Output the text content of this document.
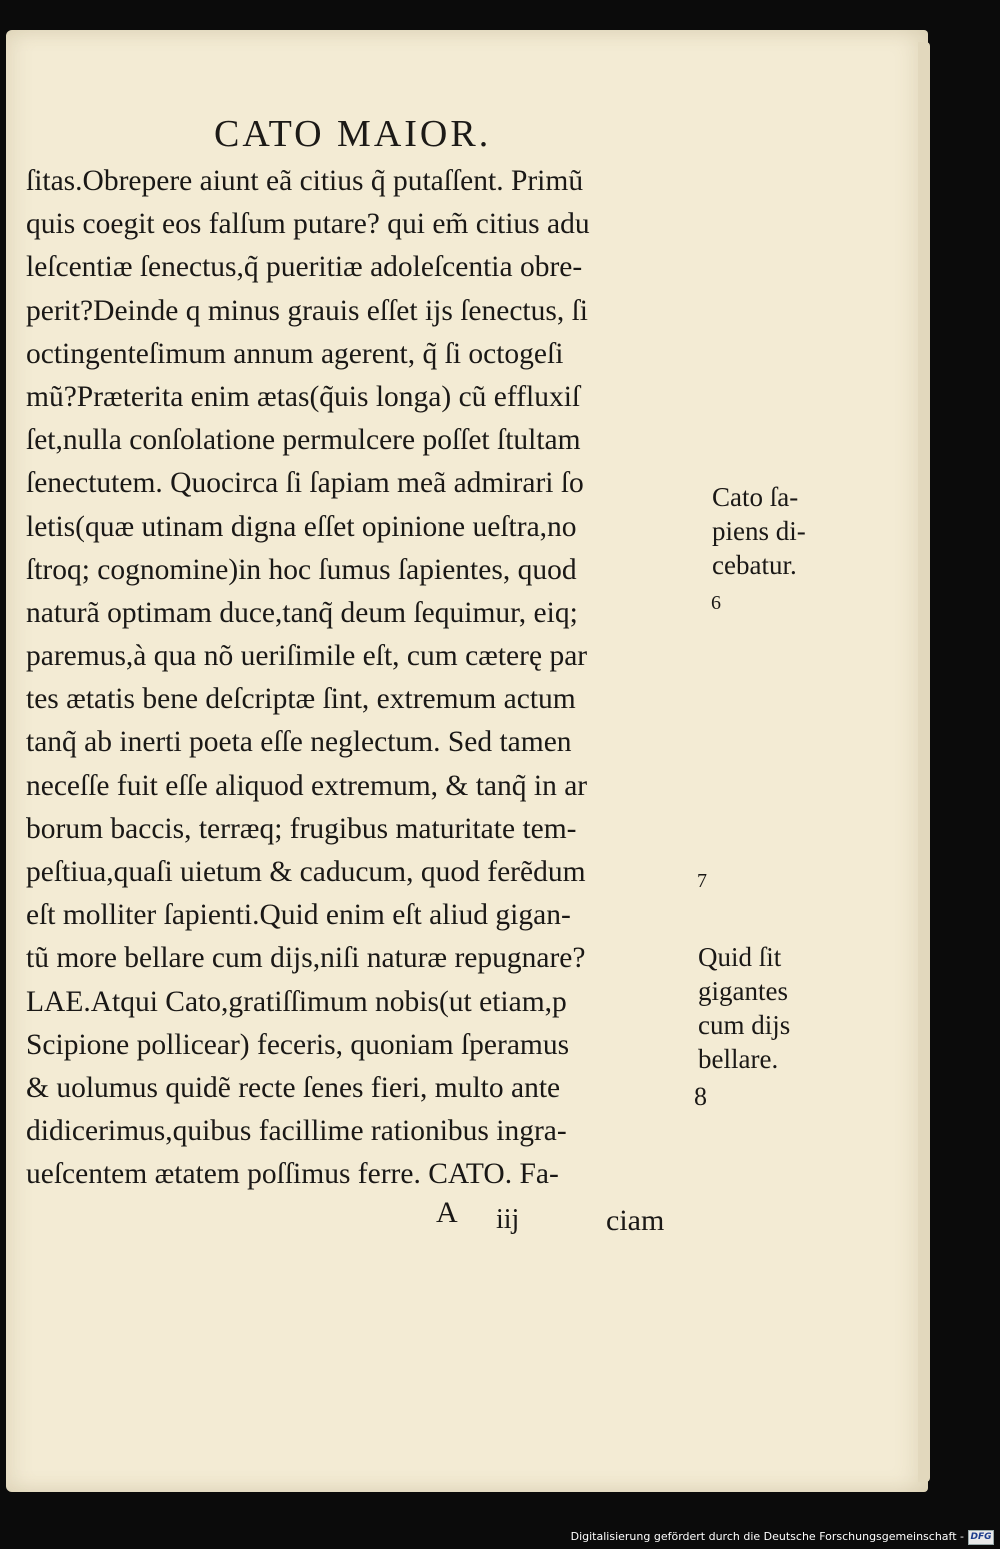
CATO MAIOR.
ſitas.Obrepere aiunt eã citius q̃ putaſſent. Primũ
quis coegit eos falſum putare? qui em̃ citius adu
leſcentiæ ſenectus,q̃ pueritiæ adoleſcentia obre-
perit?Deinde q minus grauis eſſet ijs ſenectus, ſi
octingenteſimum annum agerent, q̃ ſi octogeſi
mũ?Præterita enim ætas(q̃uis longa) cũ effluxiſ
ſet,nulla conſolatione permulcere poſſet ſtultam
ſenectutem. Quocirca ſi ſapiam meã admirari ſo
letis(quæ utinam digna eſſet opinione ueſtra,no
ſtroq; cognomine)in hoc ſumus ſapientes, quod
naturã optimam duce,tanq̃ deum ſequimur, eiq;
paremus,à qua nõ ueriſimile eſt, cum cæterę par
tes ætatis bene deſcriptæ ſint, extremum actum
tanq̃ ab inerti poeta eſſe neglectum. Sed tamen
neceſſe fuit eſſe aliquod extremum, & tanq̃ in ar
borum baccis, terræq; frugibus maturitate tem-
peſtiua,quaſi uietum & caducum, quod ferẽdum
eſt molliter ſapienti.Quid enim eſt aliud gigan-
tũ more bellare cum dijs,niſi naturæ repugnare?
LAE.Atqui Cato,gratiſſimum nobis(ut etiam,p
Scipione pollicear) feceris, quoniam ſperamus
& uolumus quidẽ recte ſenes fieri, multo ante
didicerimus,quibus facillime rationibus ingra-
ueſcentem ætatem poſſimus ferre. CATO. Fa-
Cato ſa-
piens di-
cebatur.
Quid ſit
gigantes
cum dijs
bellare.
6
7
8
A iij	ciam
Digitalisierung gefördert durch die Deutsche Forschungsgemeinschaft - DFG
